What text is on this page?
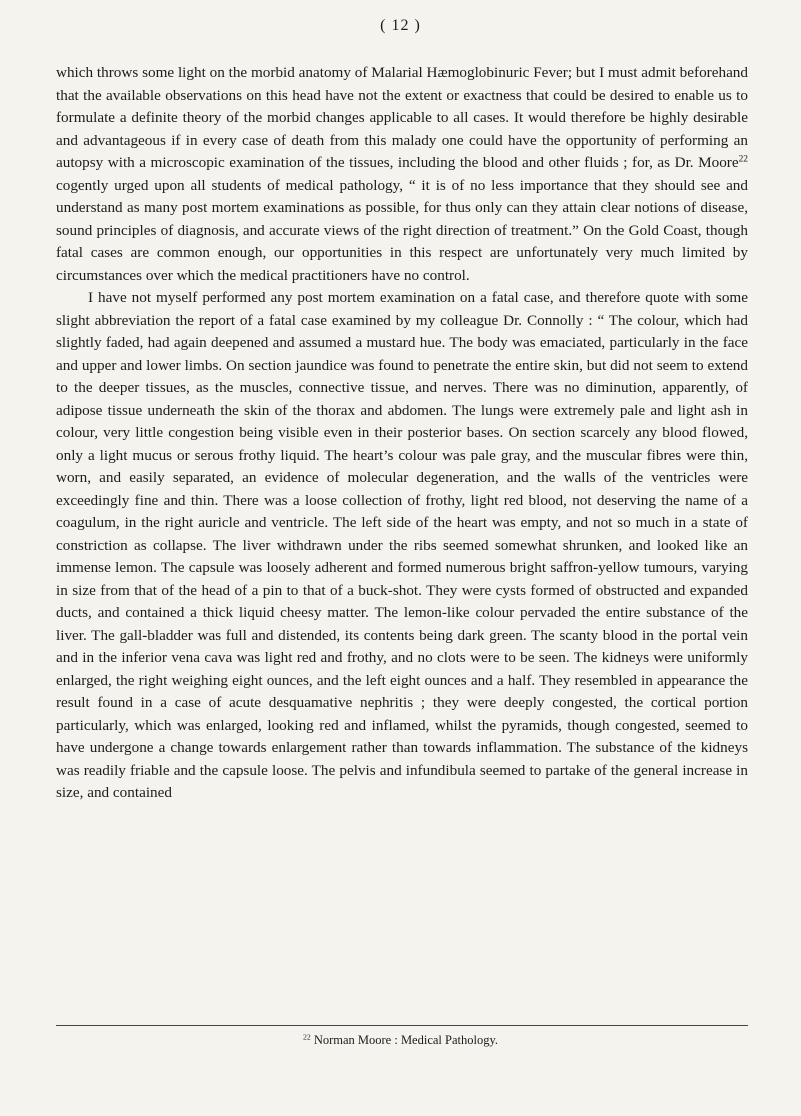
( 12 )

which throws some light on the morbid anatomy of Malarial Hæmoglobinuric Fever; but I must admit beforehand that the available observations on this head have not the extent or exactness that could be desired to enable us to formulate a definite theory of the morbid changes applicable to all cases. It would therefore be highly desirable and advantageous if in every case of death from this malady one could have the opportunity of performing an autopsy with a microscopic examination of the tissues, including the blood and other fluids ; for, as Dr. Moore$^{22}$ cogently urged upon all students of medical pathology, “ it is of no less importance that they should see and understand as many post mortem examinations as possible, for thus only can they attain clear notions of disease, sound principles of diagnosis, and accurate views of the right direction of treatment.” On the Gold Coast, though fatal cases are common enough, our opportunities in this respect are unfortunately very much limited by circumstances over which the medical practitioners have no control.

I have not myself performed any post mortem examination on a fatal case, and therefore quote with some slight abbreviation the report of a fatal case examined by my colleague Dr. Connolly : “ The colour, which had slightly faded, had again deepened and assumed a mustard hue. The body was emaciated, particularly in the face and upper and lower limbs. On section jaundice was found to penetrate the entire skin, but did not seem to extend to the deeper tissues, as the muscles, connective tissue, and nerves. There was no diminution, apparently, of adipose tissue underneath the skin of the thorax and abdomen. The lungs were extremely pale and light ash in colour, very little congestion being visible even in their posterior bases. On section scarcely any blood flowed, only a light mucus or serous frothy liquid. The heart’s colour was pale gray, and the muscular fibres were thin, worn, and easily separated, an evidence of molecular degeneration, and the walls of the ventricles were exceedingly fine and thin. There was a loose collection of frothy, light red blood, not deserving the name of a coagulum, in the right auricle and ventricle. The left side of the heart was empty, and not so much in a state of constriction as collapse. The liver withdrawn under the ribs seemed somewhat shrunken, and looked like an immense lemon. The capsule was loosely adherent and formed numerous bright saffron-yellow tumours, varying in size from that of the head of a pin to that of a buck-shot. They were cysts formed of obstructed and expanded ducts, and contained a thick liquid cheesy matter. The lemon-like colour pervaded the entire substance of the liver. The gall-bladder was full and distended, its contents being dark green. The scanty blood in the portal vein and in the inferior vena cava was light red and frothy, and no clots were to be seen. The kidneys were uniformly enlarged, the right weighing eight ounces, and the left eight ounces and a half. They resembled in appearance the result found in a case of acute desquamative nephritis ; they were deeply congested, the cortical portion particularly, which was enlarged, looking red and inflamed, whilst the pyramids, though congested, seemed to have undergone a change towards enlargement rather than towards inflammation. The substance of the kidneys was readily friable and the capsule loose. The pelvis and infundibula seemed to partake of the general increase in size, and contained

$^{22}$ Norman Moore : Medical Pathology.
